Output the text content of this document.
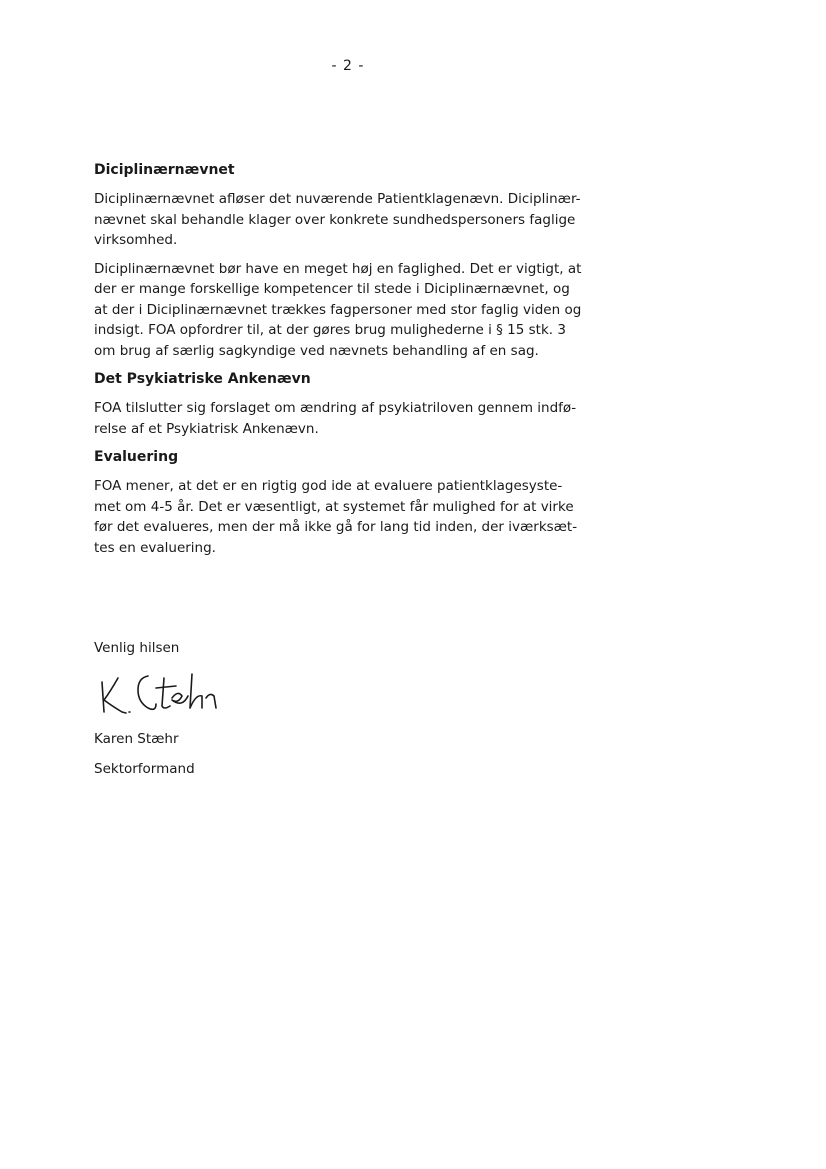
- 2 -
Diciplinærnævnet
Diciplinærnævnet afløser det nuværende Patientklagenævn. Diciplinær-
nævnet skal behandle klager over konkrete sundhedspersoners faglige
virksomhed.
Diciplinærnævnet bør have en meget høj en faglighed. Det er vigtigt, at
der er mange forskellige kompetencer til stede i Diciplinærnævnet, og
at der i Diciplinærnævnet trækkes fagpersoner med stor faglig viden og
indsigt. FOA opfordrer til, at der gøres brug mulighederne i § 15 stk. 3
om brug af særlig sagkyndige ved nævnets behandling af en sag.
Det Psykiatriske Ankenævn
FOA tilslutter sig forslaget om ændring af psykiatriloven gennem indfø-
relse af et Psykiatrisk Ankenævn.
Evaluering
FOA mener, at det er en rigtig god ide at evaluere patientklagesyste-
met om 4-5 år. Det er væsentligt, at systemet får mulighed for at virke
før det evalueres, men der må ikke gå for lang tid inden, der iværksæt-
tes en evaluering.
Venlig hilsen
Karen Stæhr
Sektorformand
